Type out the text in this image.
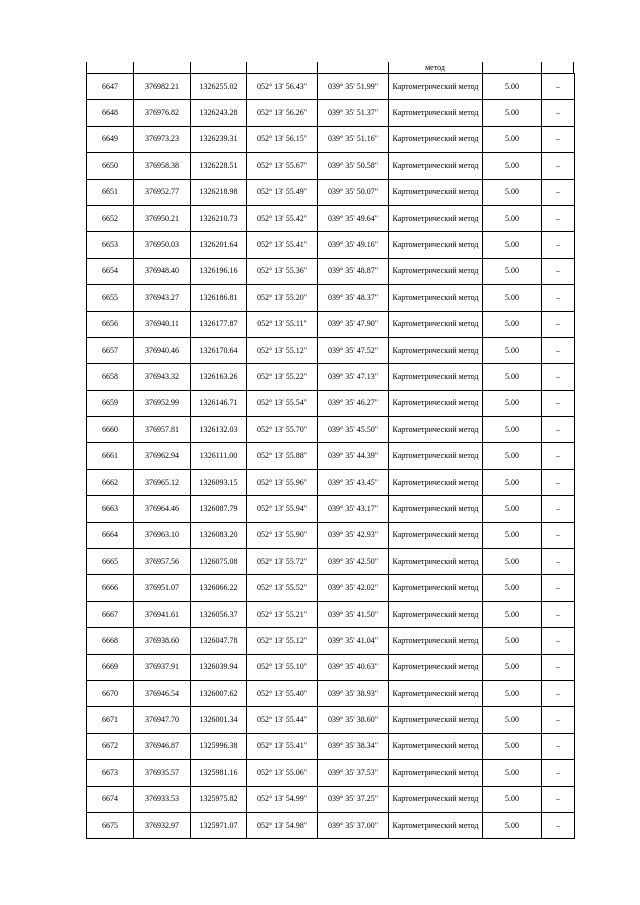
метод
6647	376982.21	1326255.02	052° 13' 56.43"	039° 35' 51.99"	Картометрический метод	5.00	–
6648	376976.82	1326243.28	052° 13' 56.26"	039° 35' 51.37"	Картометрический метод	5.00	–
6649	376973.23	1326239.31	052° 13' 56.15"	039° 35' 51.16"	Картометрический метод	5.00	–
6650	376958.38	1326228.51	052° 13' 55.67"	039° 35' 50.58"	Картометрический метод	5.00	–
6651	376952.77	1326218.98	052° 13' 55.49"	039° 35' 50.07"	Картометрический метод	5.00	–
6652	376950.21	1326210.73	052° 13' 55.42"	039° 35' 49.64"	Картометрический метод	5.00	–
6653	376950.03	1326201.64	052° 13' 55.41"	039° 35' 49.16"	Картометрический метод	5.00	–
6654	376948.40	1326196.16	052° 13' 55.36"	039° 35' 48.87"	Картометрический метод	5.00	–
6655	376943.27	1326186.81	052° 13' 55.20"	039° 35' 48.37"	Картометрический метод	5.00	–
6656	376940.11	1326177.87	052° 13' 55.11"	039° 35' 47.90"	Картометрический метод	5.00	–
6657	376940.46	1326170.64	052° 13' 55.12"	039° 35' 47.52"	Картометрический метод	5.00	–
6658	376943.32	1326163.26	052° 13' 55.22"	039° 35' 47.13"	Картометрический метод	5.00	–
6659	376952.99	1326146.71	052° 13' 55.54"	039° 35' 46.27"	Картометрический метод	5.00	–
6660	376957.81	1326132.03	052° 13' 55.70"	039° 35' 45.50"	Картометрический метод	5.00	–
6661	376962.94	1326111.00	052° 13' 55.88"	039° 35' 44.39"	Картометрический метод	5.00	–
6662	376965.12	1326093.15	052° 13' 55.96"	039° 35' 43.45"	Картометрический метод	5.00	–
6663	376964.46	1326087.79	052° 13' 55.94"	039° 35' 43.17"	Картометрический метод	5.00	–
6664	376963.10	1326083.20	052° 13' 55.90"	039° 35' 42.93"	Картометрический метод	5.00	–
6665	376957.56	1326075.08	052° 13' 55.72"	039° 35' 42.50"	Картометрический метод	5.00	–
6666	376951.07	1326066.22	052° 13' 55.52"	039° 35' 42.02"	Картометрический метод	5.00	–
6667	376941.61	1326056.37	052° 13' 55.21"	039° 35' 41.50"	Картометрический метод	5.00	–
6668	376938.60	1326047.78	052° 13' 55.12"	039° 35' 41.04"	Картометрический метод	5.00	–
6669	376937.91	1326039.94	052° 13' 55.10"	039° 35' 40.63"	Картометрический метод	5.00	–
6670	376946.54	1326007.62	052° 13' 55.40"	039° 35' 38.93"	Картометрический метод	5.00	–
6671	376947.70	1326001.34	052° 13' 55.44"	039° 35' 38.60"	Картометрический метод	5.00	–
6672	376946.87	1325996.38	052° 13' 55.41"	039° 35' 38.34"	Картометрический метод	5.00	–
6673	376935.57	1325981.16	052° 13' 55.06"	039° 35' 37.53"	Картометрический метод	5.00	–
6674	376933.53	1325975.82	052° 13' 54.99"	039° 35' 37.25"	Картометрический метод	5.00	–
6675	376932.97	1325971.07	052° 13' 54.98"	039° 35' 37.00"	Картометрический метод	5.00	–
